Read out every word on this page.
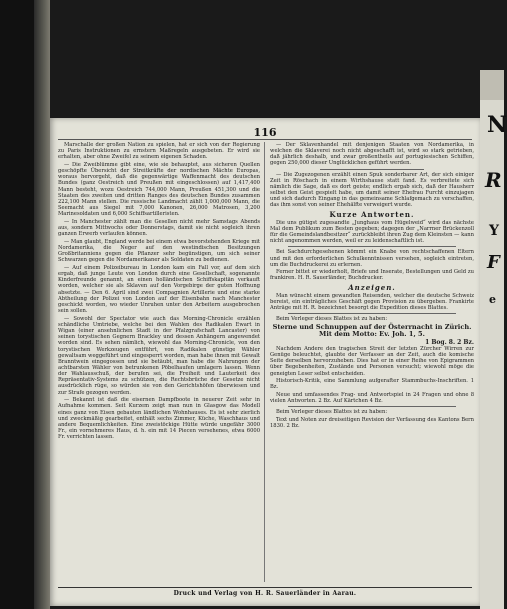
N
R
Y
F
e
116

Marschalle der großen Nation zu spielen, hat er sich von der Regierung zu Paris Instruktionen zu ernstern Maßregeln ausgebeten. Er wird sie erhalten, aber ohne Zweifel zu seinem eigenen Schaden.

— Die Zweiblümme gibt eine, wie sie behauptet, aus sicheren Quellen geschöpfte Übersicht der Streitkräfte der nordischen Mächte Europas, woraus hervorgeht, daß die gegenwärtige Waffenmacht des deutschen Bundes (ganz Oestreich und Preußen mit eingeschlossen) auf 1,417,400 Mann besteht, wozu Oestreich 744,000 Mann, Preußen 451,300 und die Staaten des zweiten und dritten Ranges des deutschen Bundes zusammen 222,100 Mann stellen. Die russische Landmacht zählt 1,000,000 Mann, die Seemacht aus Siegel mit 7,000 Kanonen, 26,000 Matrosen, 3,200 Marinesoldaten und 6,000 Schiffsartilleristen.

— In Manchester zählt man die Gesellen nicht mehr Samstags Abends aus, sondern Mittwochs oder Donnerstags, damit sie nicht sogleich ihren ganzen Erwerb verlaufen können.

— Man glaubt, England werde bei einem etwa bevorstehenden Kriege mit Nordamerika, die Neger auf den westindischen Besitzungen Großbritanniens gegen die Pflanzer sehr begünstigen, um sich seiner Schwarzen gegen die Nordamerikaner als Soldaten zu bedienen.

— Auf einem Polizeibureau in London kam ein Fall vor, auf dem sich ergab, daß junge Leute von London durch eine Gesellschaft, sogenannte Kinderfreunde genannt, an einen holländischen Schiffskapitän verkauft worden, welcher sie als Sklaven auf den Vorgebirge der guten Hoffnung absetzte. — Den 6. April sind zwei Compagnien Artillerie und eine starke Abtheilung der Polizei von London auf der Eisenbahn nach Manchester geschickt worden, wo wieder Unruhen unter den Arbeitern ausgebrochen sein sollen.

— Sowohl der Spectator wie auch das Morning-Chronicle erzählen schändliche Umtriebe, welche bei den Wahlen des Radikalen Ewart in Wigan (einer ansehnlichen Stadt in der Pfalzgrafschaft Lancaster) von seinen torystischen Gegnern Brackley und dessen Anhängern angewendet worden sind. Es sehen nämlich, wiewohl das Morning-Chronicle, von den torystischen Werkzeugen entführt, von Radikalen günstige Wähler gewaltsam weggeführt und eingesperrt worden, man habe ihnen mit Gewalt Branntwein eingegossen und sie betäubt, man habe die Nahrungen der achtbarsten Wähler von betrunkenen Pöbelhaufen umlagern lassen. Wenn der Wahlausschuß, der berufen sei, die Freiheit und Lauterkeit des Repräsentativ-Systems zu schützen, die Rechtsbrüche der Gesetze nicht ausdrücklich rüge, so würden sie von den Gerichtshöfen überwiesen und zur Strafe gezogen werden.

— Bekannt ist daß die eisernen Dampfboote in neuerer Zeit sehr in Aufnahme kommen. Seit Kurzem zeigt man nun in Glasgow das Modell eines ganz von Eisen gebauten ländlichen Wohnhauses. Es ist sehr zierlich und zweckmäßig gearbeitet, enthält sechs Zimmer, Küche, Waschhaus und andere Bequemlichkeiten. Eine zweistöckige Hütte würde ungefähr 3000 Fr., ein vornehmeres Haus, d. h. ein mit 14 Piecen versehenes, etwa 6000 Fr. verrichten lassen.

— Der Sklavenhandel mit denjenigen Staaten von Nordamerika, in welchen die Sklaverei noch nicht abgeschafft ist, wird so stark getrieben, daß jährlich deshalb, und zwar großentheils auf portugiesischen Schiffen, gegen 250,000 dieser Unglücklichen geführt werden.

— Die Zugezogenen erzählt einen Spuk sonderbarer Art, der sich einiger Zeit in Röschach in einem Wirthshause statt fand. Es verbreitete sich nämlich die Sage, daß es dort geiste; endlich ergab sich, daß der Hausherr selbst den Geist gespielt habe, um damit seiner Ehefrau Furcht einzujagen und sich dadurch Eingang in das gemeinsame Schlafgemach zu verschaffen, das ihm sonst von seiner Ehehälfte verweigert wurde.

Kurze Antworten.

Die uns gütigst zugesandte „Junghaus vom Hügelweid“ wird das nächste Mal dem Publikum zum Besten gegeben; dagegen der „Narrner Brückenzoll für die Gemeindslandbesitzer“ zurückbleibt ihren Zug dem Kleinsten — kann nicht angenommen werden, weil er zu leidenschaftlich ist.

Bei Sachdurchgesehenen kömmt ein Knabe von rechtschaffenen Eltern und mit den erforderlichen Schulkenntnissen versehen, sogleich eintreten, um die Buchdruckerei zu erlernen.

Ferner bittet er wiederholt, Briefe und Inserate, Bestellungen und Geld zu frankiren. H. R. Sauerländer, Buchdrucker.

Anzeigen.

Man wünscht einem gewandten Reisenden, welcher die deutsche Schweiz bereist, ein einträgliches Geschäft gegen Provision zu übergeben. Frankirte Anträge mit H. R. bezeichnet besorgt die Expedition dieses Blattes.

Beim Verleger dieses Blattes ist zu haben:

Sterne und Schnuppen auf der Österrnacht in Zürich. Mit dem Motto: Ev. Joh. 1, 5.
1 Bog. 8. 2 Bz.

Nachdem Andere den tragischen Streit der letzten Zürcher Wirren zur Genüge beleuchtet, glaubte der Verfasser an der Zeit, auch die komische Seite derselben hervorzuheben. Dies hat er in einer Reihe von Epigrammen über Begebenheiten, Zustände und Personen versucht; wiewohl möge die geneigten Leser selbst entscheiden.

Historisch-Kritik, eine Sammlung aufgerafter Stammbuchs-Inschriften. 1 Bz.

Neue und umfassendes Frag- und Antwortspiel in 24 Fragen und ohne 8 vielen Antworten. 2 Bz. Auf Kärtchen 4 Bz.

Beim Verleger dieses Blattes ist zu haben:

Text und Noten zur dreiseitigen Revision der Verfassung des Kantons Bern 1830. 2 Bz.

Druck und Verlag von H. R. Sauerländer in Aarau.
